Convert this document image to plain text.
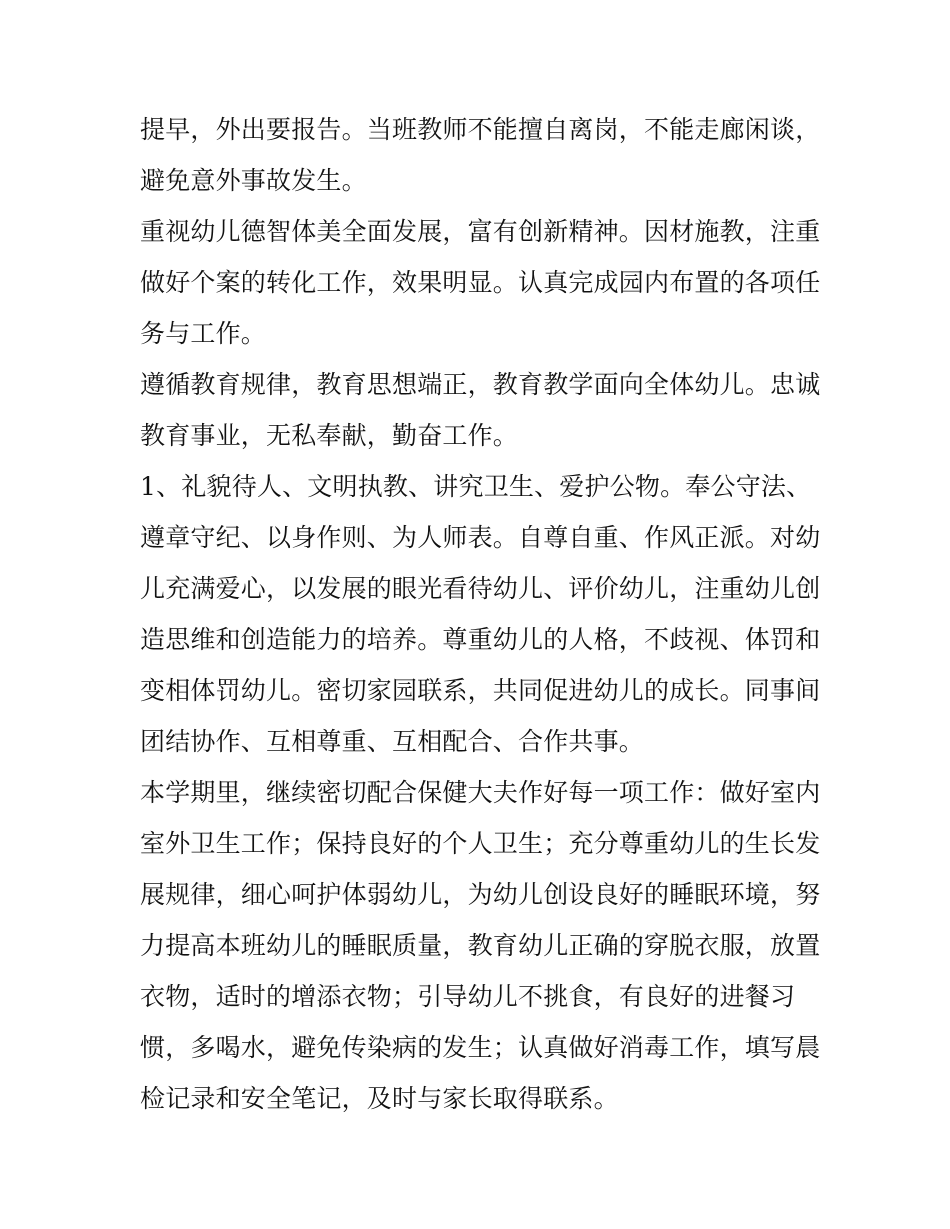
提早，外出要报告。当班教师不能擅自离岗，不能走廊闲谈，
避免意外事故发生。
重视幼儿德智体美全面发展，富有创新精神。因材施教，注重
做好个案的转化工作，效果明显。认真完成园内布置的各项任
务与工作。
遵循教育规律，教育思想端正，教育教学面向全体幼儿。忠诚
教育事业，无私奉献，勤奋工作。
1、礼貌待人、文明执教、讲究卫生、爱护公物。奉公守法、
遵章守纪、以身作则、为人师表。自尊自重、作风正派。对幼
儿充满爱心，以发展的眼光看待幼儿、评价幼儿，注重幼儿创
造思维和创造能力的培养。尊重幼儿的人格，不歧视、体罚和
变相体罚幼儿。密切家园联系，共同促进幼儿的成长。同事间
团结协作、互相尊重、互相配合、合作共事。
本学期里，继续密切配合保健大夫作好每一项工作：做好室内
室外卫生工作；保持良好的个人卫生；充分尊重幼儿的生长发
展规律，细心呵护体弱幼儿，为幼儿创设良好的睡眠环境，努
力提高本班幼儿的睡眠质量，教育幼儿正确的穿脱衣服，放置
衣物，适时的增添衣物；引导幼儿不挑食，有良好的进餐习
惯，多喝水，避免传染病的发生；认真做好消毒工作，填写晨
检记录和安全笔记，及时与家长取得联系。
